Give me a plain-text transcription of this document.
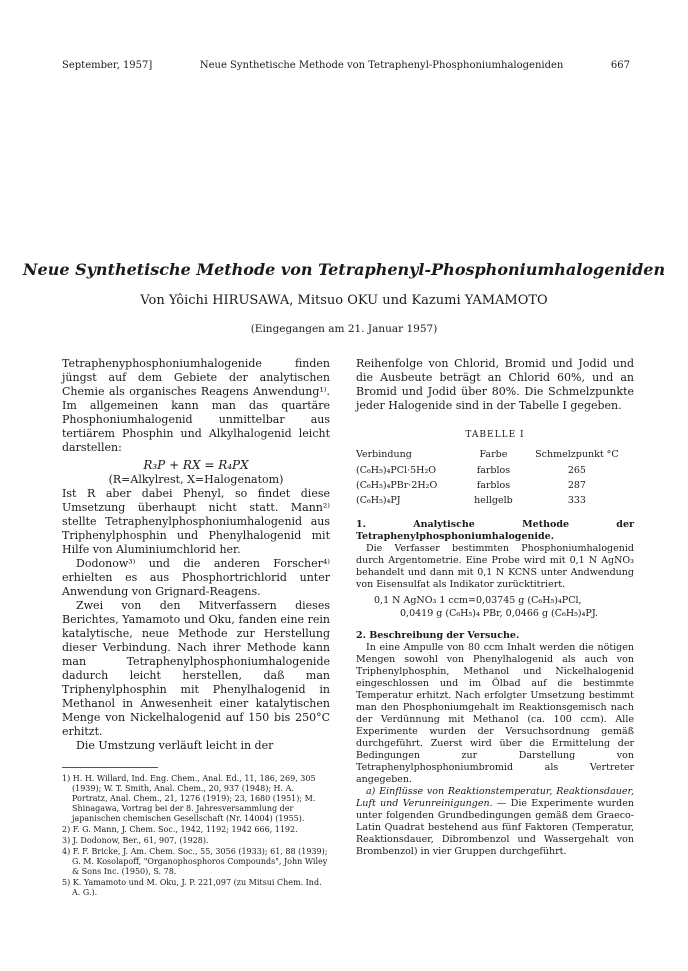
September, 1957]	Neue Synthetische Methode von Tetraphenyl-Phosphoniumhalogeniden	667
Neue Synthetische Methode von Tetraphenyl-Phosphoniumhalogeniden
Von Yôichi HIRUSAWA, Mitsuo OKU und Kazumi YAMAMOTO
(Eingegangen am 21. Januar 1957)

Tetraphenyphosphoniumhalogenide finden jüngst auf dem Gebiete der analytischen Chemie als organisches Reagens Anwendung¹⁾. Im allgemeinen kann man das quartäre Phosphoniumhalogenid unmittelbar aus tertiärem Phosphin und Alkylhalogenid leicht darstellen:

R₃P + RX = R₄PX
(R=Alkylrest, X=Halogenatom)

Ist R aber dabei Phenyl, so findet diese Umsetzung überhaupt nicht statt. Mann²⁾ stellte Tetraphenylphosphoniumhalogenid aus Triphenylphosphin und Phenylhalogenid mit Hilfe von Aluminiumchlorid her.

Dodonow³⁾ und die anderen Forscher⁴⁾ erhielten es aus Phosphortrichlorid unter Anwendung von Grignard-Reagens.

Zwei von den Mitverfassern dieses Berichtes, Yamamoto und Oku, fanden eine rein katalytische, neue Methode zur Herstellung dieser Verbindung. Nach ihrer Methode kann man Tetraphenylphosphoniumhalogenide dadurch leicht herstellen, daß man Triphenylphosphin mit Phenylhalogenid in Methanol in Anwesenheit einer katalytischen Menge von Nickelhalogenid auf 150 bis 250°C erhitzt.

Die Umstzung verläuft leicht in der

1) H. H. Willard, Ind. Eng. Chem., Anal. Ed., 11, 186, 269, 305 (1939); W. T. Smith, Anal. Chem., 20, 937 (1948); H. A. Portratz, Anal. Chem., 21, 1276 (1919); 23, 1680 (1951); M. Shinagawa, Vortrag bei der 8. Jahresversammlung der japanischen chemischen Gesellschaft (Nr. 14004) (1955).
2) F. G. Mann, J. Chem. Soc., 1942, 1192; 1942 666, 1192.
3) J. Dodonow, Ber., 61, 907, (1928).
4) F. F. Bricke, J. Am. Chem. Soc., 55, 3056 (1933); 61, 88 (1939); G. M. Kosolapoff, "Organophosphoros Compounds", John Wiley & Sons Inc. (1950), S. 78.
5) K. Yamamoto und M. Oku, J. P. 221,097 (zu Mitsui Chem. Ind. A. G.).

Reihenfolge von Chlorid, Bromid und Jodid und die Ausbeute beträgt an Chlorid 60%, und an Bromid und Jodid über 80%. Die Schmelzpunkte jeder Halogenide sind in der Tabelle I gegeben.

TABELLE I
Verbindung	Farbe	Schmelzpunkt °C
(C₆H₅)₄PCl·5H₂O	farblos	265
(C₆H₅)₄PBr·2H₂O	farblos	287
(C₆H₅)₄PJ	hellgelb	333

1. Analytische Methode der Tetraphenylphosphoniumhalogenide.

Die Verfasser bestimmten Phosphoniumhalogenid durch Argentometrie. Eine Probe wird mit 0,1 N AgNO₃ behandelt und dann mit 0,1 N KCNS unter Andwendung von Eisensulfat als Indikator zurücktitriert.

0,1 N AgNO₃ 1 ccm=0,03745 g (C₆H₅)₄PCl,
0,0419 g (C₆H₅)₄ PBr, 0,0466 g (C₆H₅)₄PJ.

2. Beschreibung der Versuche.

In eine Ampulle von 80 ccm Inhalt werden die nötigen Mengen sowohl von Phenylhalogenid als auch von Triphenylphosphin, Methanol und Nickelhalogenid eingeschlossen und im Ölbad auf die bestimmte Temperatur erhitzt. Nach erfolgter Umsetzung bestimmt man den Phosphoniumgehalt im Reaktionsgemisch nach der Verdünnung mit Methanol (ca. 100 ccm). Alle Experimente wurden der Versuchsordnung gemäß durchgeführt. Zuerst wird über die Ermittelung der Bedingungen zur Darstellung von Tetraphenylphosphoniumbromid als Vertreter angegeben.

a) Einflüsse von Reaktionstemperatur, Reaktionsdauer, Luft und Verunreinigungen. — Die Experimente wurden unter folgenden Grundbedingungen gemäß dem Graeco-Latin Quadrat bestehend aus fünf Faktoren (Temperatur, Reaktionsdauer, Dibrombenzol und Wassergehalt von Brombenzol) in vier Gruppen durchgeführt.
